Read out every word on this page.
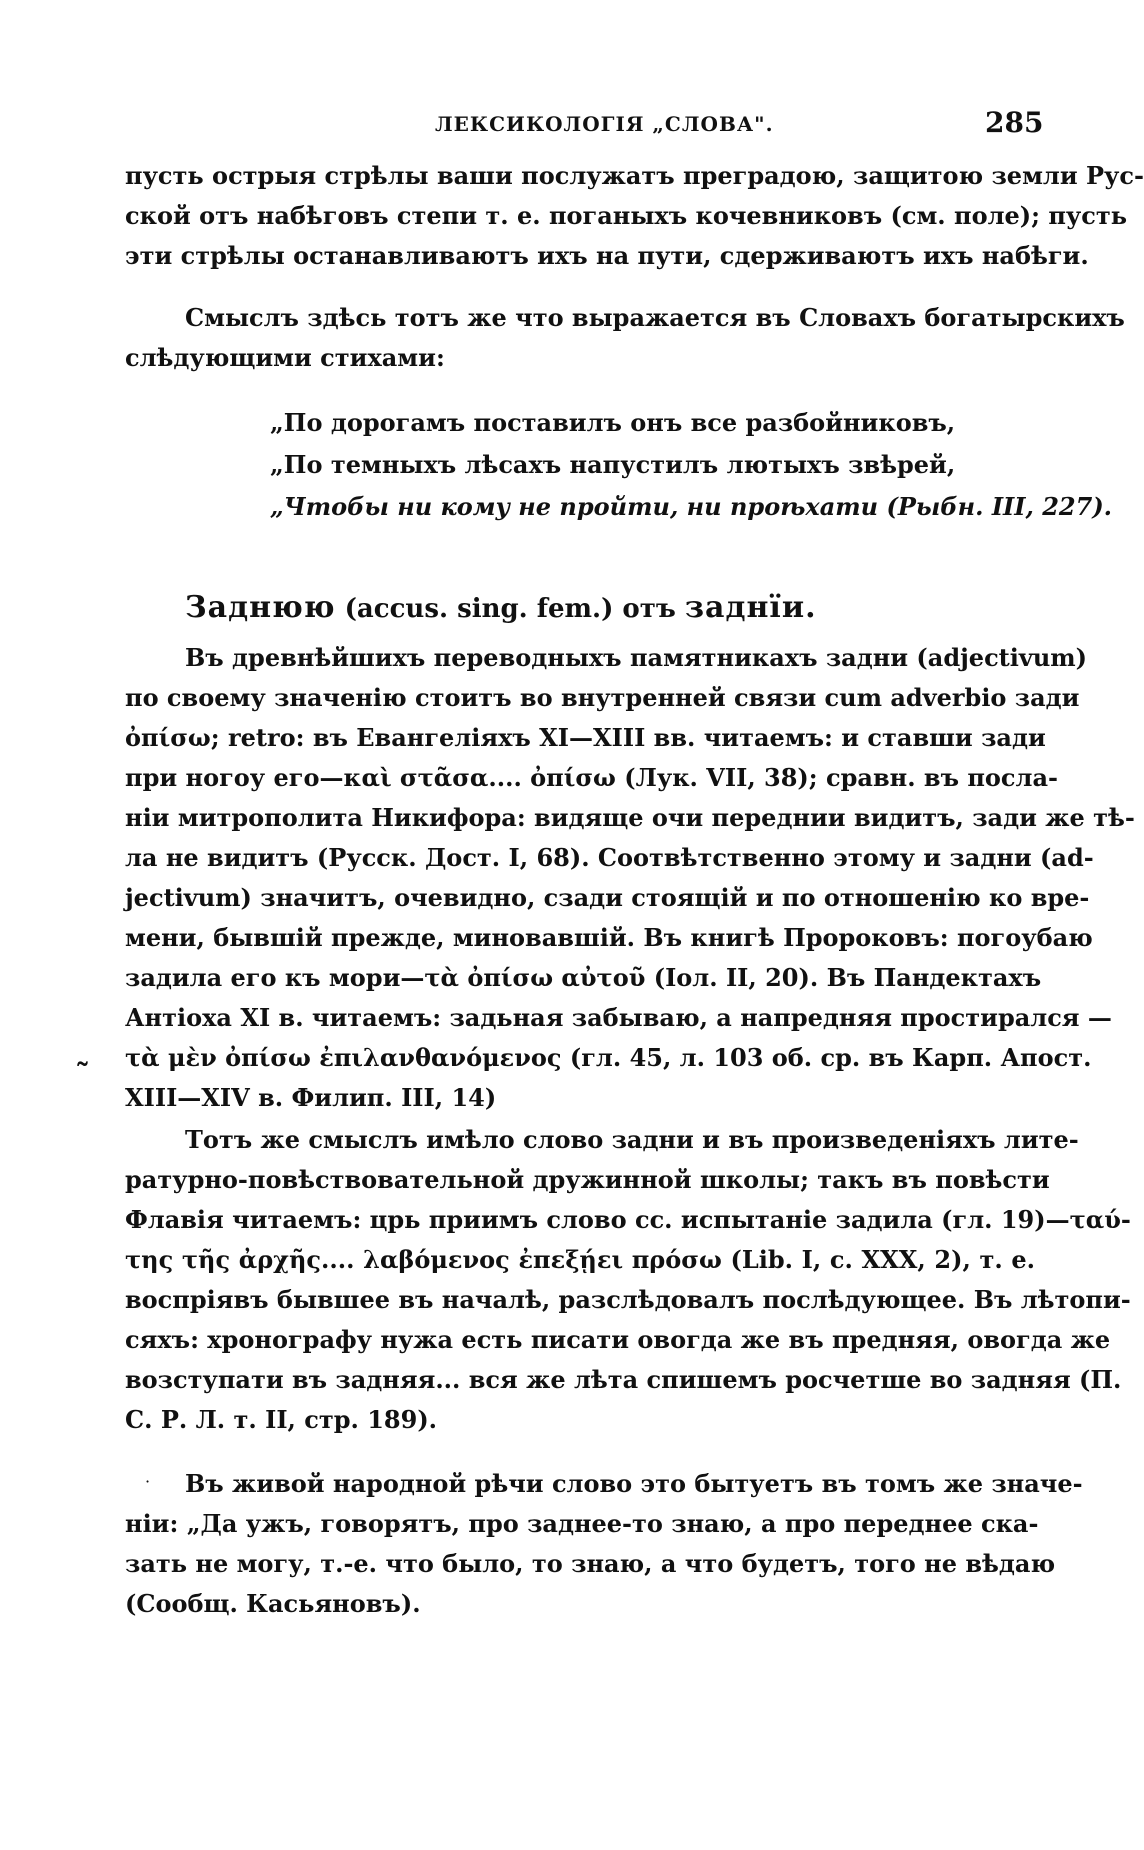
ЛЕКСИКОЛОГІЯ „СЛОВА".	285
пусть острыя стрѣлы ваши послужатъ преградою, защитою земли Рус-
ской отъ набѣговъ степи т. е. поганыхъ кочевниковъ (см. поле); пусть
эти стрѣлы останавливаютъ ихъ на пути, сдерживаютъ ихъ набѣги.
Смыслъ здѣсь тотъ же что выражается въ Словахъ богатырскихъ
слѣдующими стихами:
„По дорогамъ поставилъ онъ все разбойниковъ,
„По темныхъ лѣсахъ напустилъ лютыхъ звѣрей,
„Чтобы ни кому не пройти, ни проѣхати (Рыбн. III, 227).
Заднюю (accus. sing. fem.) отъ заднїи.
Въ древнѣйшихъ переводныхъ памятникахъ задни (adjectivum)
по своему значенію стоитъ во внутренней связи cum adverbio зади
ὀπίσω; retro: въ Евангеліяхъ XI—XIII вв. читаемъ: и ставши зади
при ногоу его—καὶ στᾶσα.... ὀπίσω (Лук. VII, 38); сравн. въ посла-
ніи митрополита Никифора: видяще очи переднии видитъ, зади же тѣ-
ла не видитъ (Русск. Дост. I, 68). Соотвѣтственно этому и задни (ad-
jectivum) значитъ, очевидно, сзади стоящій и по отношенію ко вре-
мени, бывшій прежде, миновавшій. Въ книгѣ Пророковъ: погоубаю
задила его къ мори—τὰ ὀπίσω αὐτοῦ (Іол. II, 20). Въ Пандектахъ
Антіоха XI в. читаемъ: задьная забываю, а напредняя простирался —
τὰ μὲν ὀπίσω ἐπιλανθανόμενος (гл. 45, л. 103 об. ср. въ Карп. Апост.
XIII—XIV в. Филип. III, 14)
˜
Тотъ же смыслъ имѣло слово задни и въ произведеніяхъ лите-
ратурно-повѣствовательной дружинной школы; такъ въ повѣсти
Флавія читаемъ: црь приимъ слово сс. испытаніе задила (гл. 19)—ταύ-
της τῆς ἀρχῆς.... λαβόμενος ἐπεξῄει πρόσω (Lib. I, c. XXX, 2), т. е.
воспріявъ бывшее въ началѣ, разслѣдовалъ послѣдующее. Въ лѣтопи-
сяхъ: хронографу нужа есть писати овогда же въ предняя, овогда же
возступати въ задняя... вся же лѣта спишемъ росчетше во задняя (П.
С. Р. Л. т. II, стр. 189).
·	Въ живой народной рѣчи слово это бытуетъ въ томъ же значе-
ніи: „Да ужъ, говорятъ, про заднее-то знаю, а про переднее ска-
зать не могу, т.-е. что было, то знаю, а что будетъ, того не вѣдаю
(Сообщ. Касьяновъ).
